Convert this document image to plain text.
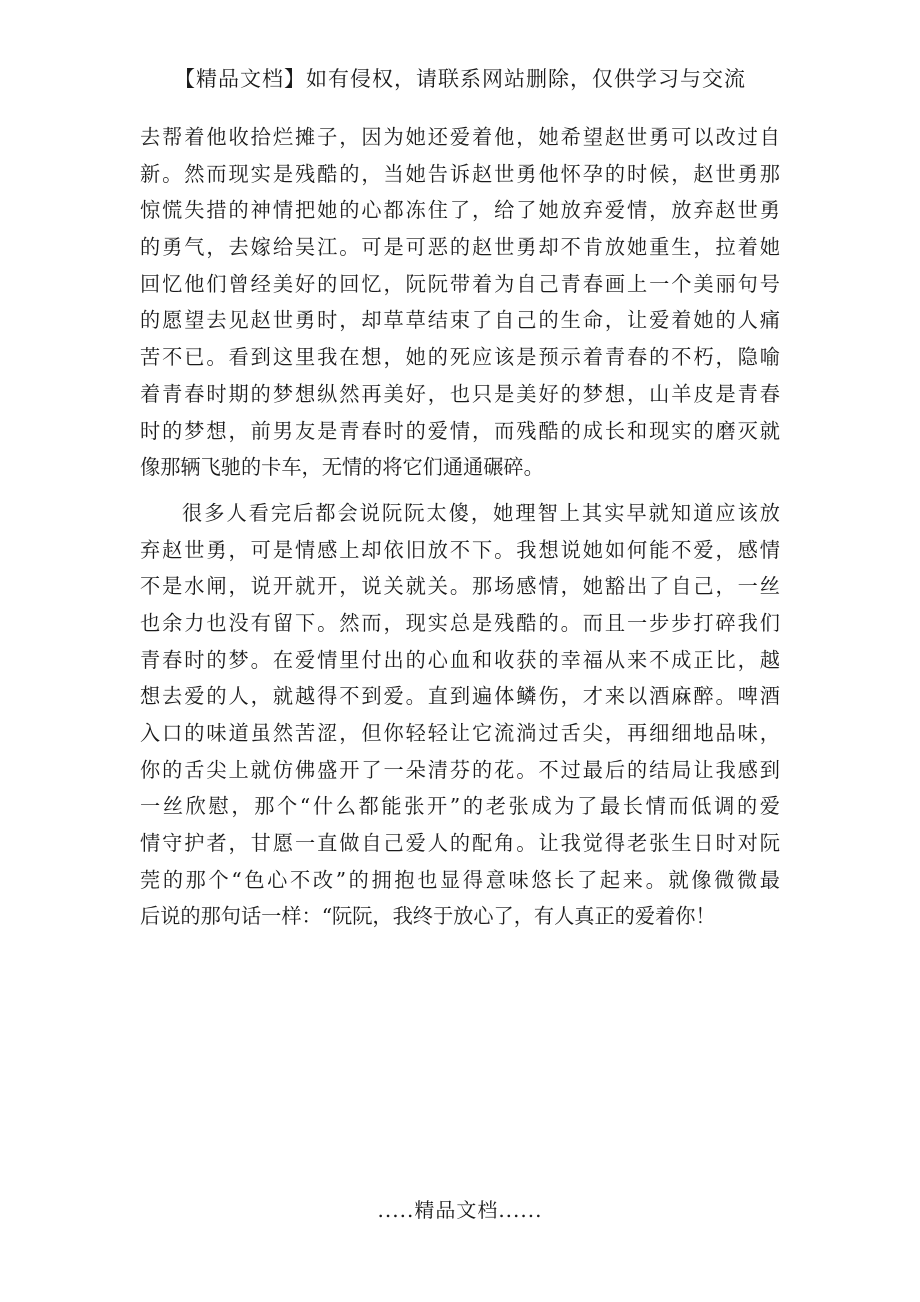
【精品文档】如有侵权，请联系网站删除，仅供学习与交流
去帮着他收拾烂摊子，因为她还爱着他，她希望赵世勇可以改过自
新。然而现实是残酷的，当她告诉赵世勇他怀孕的时候，赵世勇那
惊慌失措的神情把她的心都冻住了，给了她放弃爱情，放弃赵世勇
的勇气，去嫁给吴江。可是可恶的赵世勇却不肯放她重生，拉着她
回忆他们曾经美好的回忆，阮阮带着为自己青春画上一个美丽句号
的愿望去见赵世勇时，却草草结束了自己的生命，让爱着她的人痛
苦不已。看到这里我在想，她的死应该是预示着青春的不朽，隐喻
着青春时期的梦想纵然再美好，也只是美好的梦想，山羊皮是青春
时的梦想，前男友是青春时的爱情，而残酷的成长和现实的磨灭就
像那辆飞驰的卡车，无情的将它们通通碾碎。
很多人看完后都会说阮阮太傻，她理智上其实早就知道应该放
弃赵世勇，可是情感上却依旧放不下。我想说她如何能不爱，感情
不是水闸，说开就开，说关就关。那场感情，她豁出了自己，一丝
也余力也没有留下。然而，现实总是残酷的。而且一步步打碎我们
青春时的梦。在爱情里付出的心血和收获的幸福从来不成正比，越
想去爱的人，就越得不到爱。直到遍体鳞伤，才来以酒麻醉。啤酒
入口的味道虽然苦涩，但你轻轻让它流淌过舌尖，再细细地品味，
你的舌尖上就仿佛盛开了一朵清芬的花。不过最后的结局让我感到
一丝欣慰，那个“什么都能张开”的老张成为了最长情而低调的爱
情守护者，甘愿一直做自己爱人的配角。让我觉得老张生日时对阮
莞的那个“色心不改”的拥抱也显得意味悠长了起来。就像微微最
后说的那句话一样：“阮阮，我终于放心了，有人真正的爱着你！
.....精品文档......
